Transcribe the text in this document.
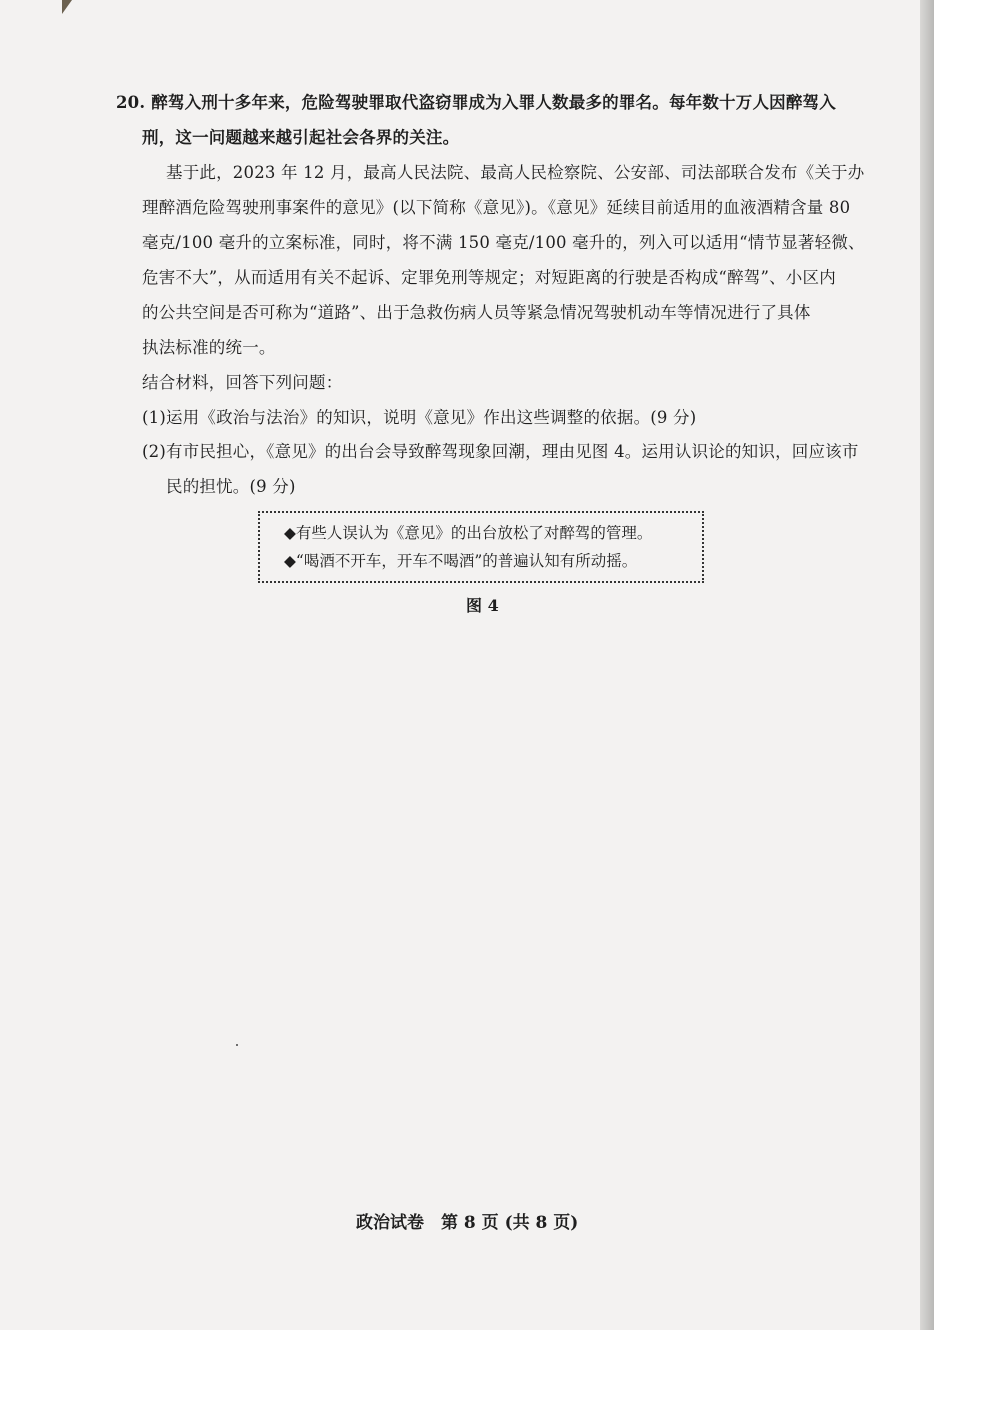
20. 醉驾入刑十多年来，危险驾驶罪取代盗窃罪成为入罪人数最多的罪名。每年数十万人因醉驾入
刑，这一问题越来越引起社会各界的关注。
基于此，2023 年 12 月，最高人民法院、最高人民检察院、公安部、司法部联合发布《关于办
理醉酒危险驾驶刑事案件的意见》(以下简称《意见》)。《意见》延续目前适用的血液酒精含量 80
毫克/100 毫升的立案标准，同时，将不满 150 毫克/100 毫升的，列入可以适用“情节显著轻微、
危害不大”，从而适用有关不起诉、定罪免刑等规定；对短距离的行驶是否构成“醉驾”、小区内
的公共空间是否可称为“道路”、出于急救伤病人员等紧急情况驾驶机动车等情况进行了具体
执法标准的统一。
结合材料，回答下列问题：
(1)运用《政治与法治》的知识，说明《意见》作出这些调整的依据。(9 分)
(2)有市民担心，《意见》的出台会导致醉驾现象回潮，理由见图 4。运用认识论的知识，回应该市
民的担忧。(9 分)
◆有些人误认为《意见》的出台放松了对醉驾的管理。
◆“喝酒不开车，开车不喝酒”的普遍认知有所动摇。
图 4
政治试卷　第 8 页 (共 8 页)
